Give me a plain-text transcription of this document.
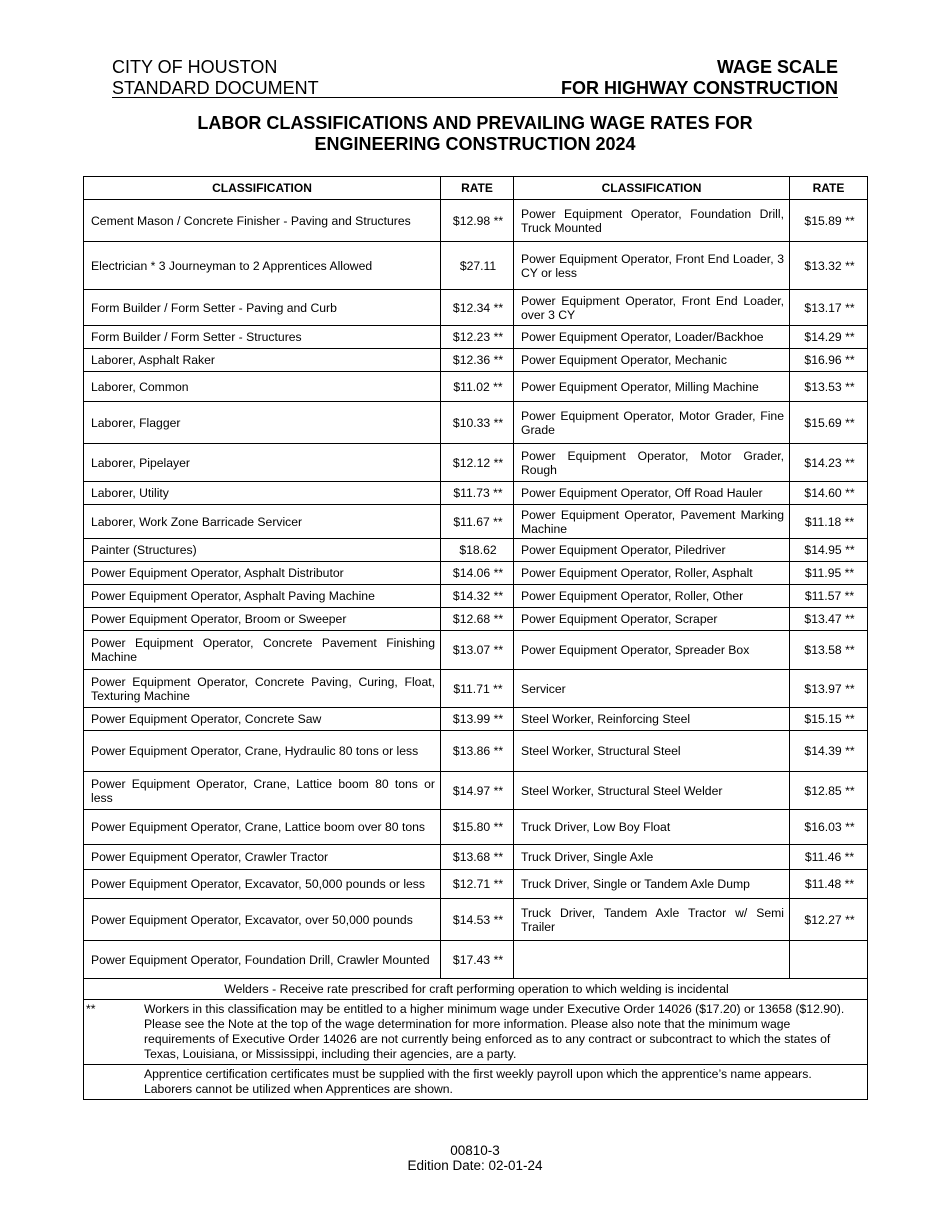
CITY OF HOUSTON
STANDARD DOCUMENT
WAGE SCALE
FOR HIGHWAY CONSTRUCTION
LABOR CLASSIFICATIONS AND PREVAILING WAGE RATES FOR
ENGINEERING CONSTRUCTION 2024
CLASSIFICATION	RATE	CLASSIFICATION	RATE
Cement Mason / Concrete Finisher - Paving and Structures	$12.98 **	Power Equipment Operator, Foundation Drill, Truck Mounted	$15.89 **
Electrician * 3 Journeyman to 2 Apprentices Allowed	$27.11	Power Equipment Operator, Front End Loader, 3 CY or less	$13.32 **
Form Builder / Form Setter - Paving and Curb	$12.34 **	Power Equipment Operator, Front End Loader, over 3 CY	$13.17 **
Form Builder / Form Setter - Structures	$12.23 **	Power Equipment Operator, Loader/Backhoe	$14.29 **
Laborer, Asphalt Raker	$12.36 **	Power Equipment Operator, Mechanic	$16.96 **
Laborer, Common	$11.02 **	Power Equipment Operator, Milling Machine	$13.53 **
Laborer, Flagger	$10.33 **	Power Equipment Operator, Motor Grader, Fine Grade	$15.69 **
Laborer, Pipelayer	$12.12 **	Power Equipment Operator, Motor Grader, Rough	$14.23 **
Laborer, Utility	$11.73 **	Power Equipment Operator, Off Road Hauler	$14.60 **
Laborer, Work Zone Barricade Servicer	$11.67 **	Power Equipment Operator, Pavement Marking Machine	$11.18 **
Painter (Structures)	$18.62	Power Equipment Operator, Piledriver	$14.95 **
Power Equipment Operator, Asphalt Distributor	$14.06 **	Power Equipment Operator, Roller, Asphalt	$11.95 **
Power Equipment Operator, Asphalt Paving Machine	$14.32 **	Power Equipment Operator, Roller, Other	$11.57 **
Power Equipment Operator, Broom or Sweeper	$12.68 **	Power Equipment Operator, Scraper	$13.47 **
Power Equipment Operator, Concrete Pavement Finishing Machine	$13.07 **	Power Equipment Operator, Spreader Box	$13.58 **
Power Equipment Operator, Concrete Paving, Curing, Float, Texturing Machine	$11.71 **	Servicer	$13.97 **
Power Equipment Operator, Concrete Saw	$13.99 **	Steel Worker, Reinforcing Steel	$15.15 **
Power Equipment Operator, Crane, Hydraulic 80 tons or less	$13.86 **	Steel Worker, Structural Steel	$14.39 **
Power Equipment Operator, Crane, Lattice boom 80 tons or less	$14.97 **	Steel Worker, Structural Steel Welder	$12.85 **
Power Equipment Operator, Crane, Lattice boom over 80 tons	$15.80 **	Truck Driver, Low Boy Float	$16.03 **
Power Equipment Operator, Crawler Tractor	$13.68 **	Truck Driver, Single Axle	$11.46 **
Power Equipment Operator, Excavator, 50,000 pounds or less	$12.71 **	Truck Driver, Single or Tandem Axle Dump	$11.48 **
Power Equipment Operator, Excavator, over 50,000 pounds	$14.53 **	Truck Driver, Tandem Axle Tractor w/ Semi Trailer	$12.27 **
Power Equipment Operator, Foundation Drill, Crawler Mounted	$17.43 **		
Welders - Receive rate prescribed for craft performing operation to which welding is incidental

**	Workers in this classification may be entitled to a higher minimum wage under Executive Order 14026 ($17.20) or 13658 ($12.90). Please see the Note at the top of the wage determination for more information. Please also note that the minimum wage requirements of Executive Order 14026 are not currently being enforced as to any contract or subcontract to which the states of Texas, Louisiana, or Mississippi, including their agencies, are a party.
	Apprentice certification certificates must be supplied with the first weekly payroll upon which the apprentice’s name appears. Laborers cannot be utilized when Apprentices are shown.
00810-3
Edition Date: 02-01-24
